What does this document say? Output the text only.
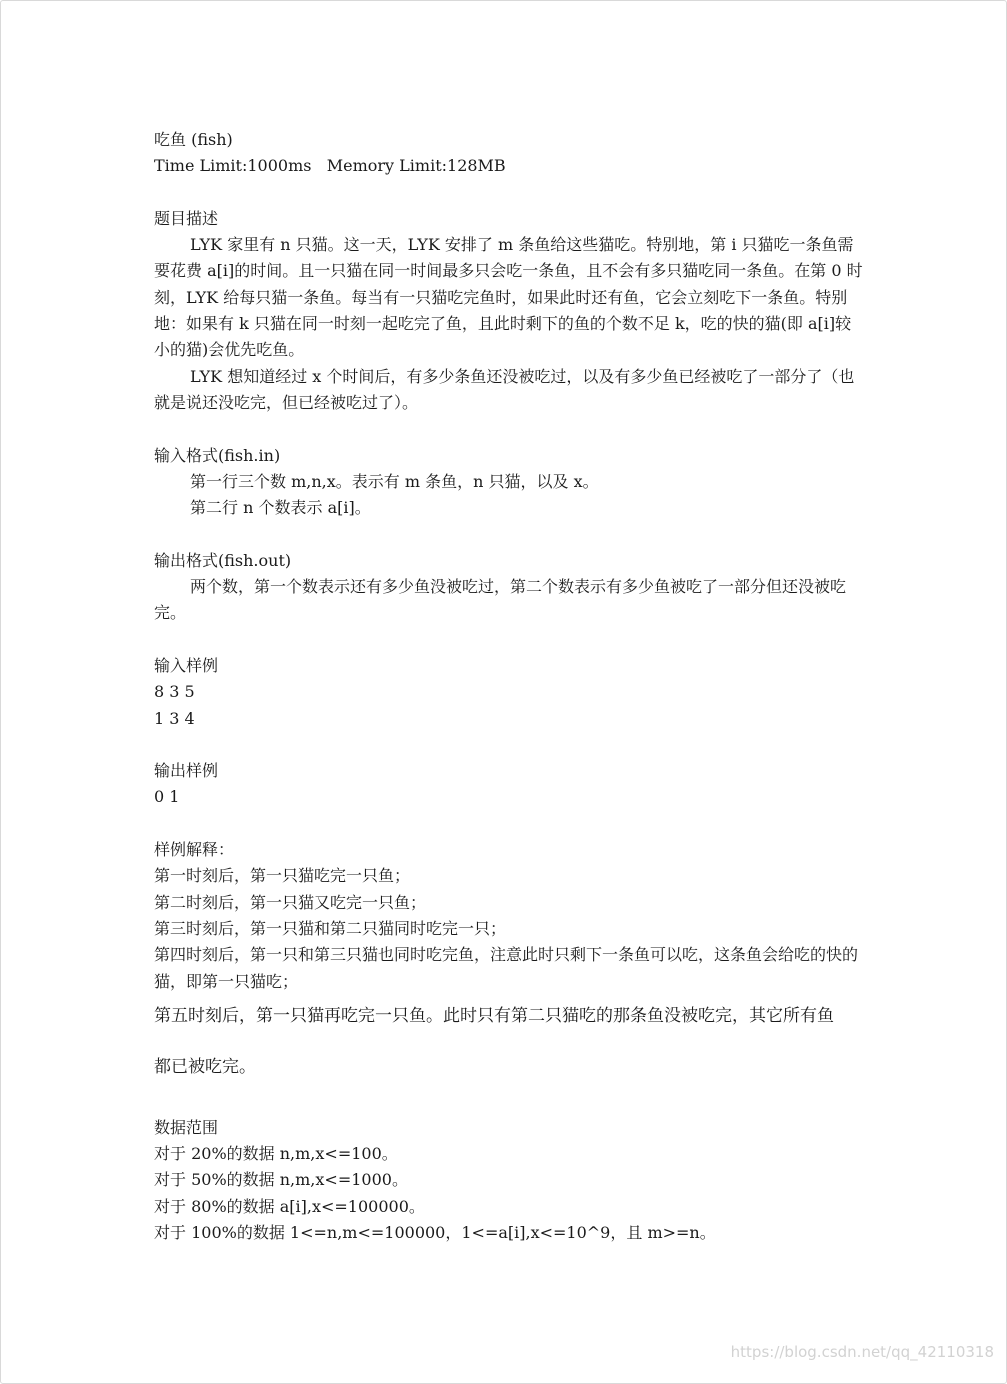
吃鱼 (fish)
Time Limit:1000ms   Memory Limit:128MB
题目描述
LYK 家里有 n 只猫。这一天，LYK 安排了 m 条鱼给这些猫吃。特别地，第 i 只猫吃一条鱼需要花费 a[i]的时间。且一只猫在同一时间最多只会吃一条鱼，且不会有多只猫吃同一条鱼。在第 0 时刻，LYK 给每只猫一条鱼。每当有一只猫吃完鱼时，如果此时还有鱼，它会立刻吃下一条鱼。特别地：如果有 k 只猫在同一时刻一起吃完了鱼，且此时剩下的鱼的个数不足 k，吃的快的猫(即 a[i]较小的猫)会优先吃鱼。
LYK 想知道经过 x 个时间后，有多少条鱼还没被吃过，以及有多少鱼已经被吃了一部分了（也就是说还没吃完，但已经被吃过了）。
输入格式(fish.in)
第一行三个数 m,n,x。表示有 m 条鱼，n 只猫，以及 x。
第二行 n 个数表示 a[i]。
输出格式(fish.out)
两个数，第一个数表示还有多少鱼没被吃过，第二个数表示有多少鱼被吃了一部分但还没被吃完。
输入样例
8 3 5
1 3 4
输出样例
0 1
样例解释：
第一时刻后，第一只猫吃完一只鱼；
第二时刻后，第一只猫又吃完一只鱼；
第三时刻后，第一只猫和第二只猫同时吃完一只；
第四时刻后，第一只和第三只猫也同时吃完鱼，注意此时只剩下一条鱼可以吃，这条鱼会给吃的快的猫，即第一只猫吃；
第五时刻后，第一只猫再吃完一只鱼。此时只有第二只猫吃的那条鱼没被吃完，其它所有鱼
都已被吃完。
数据范围
对于 20%的数据 n,m,x<=100。
对于 50%的数据 n,m,x<=1000。
对于 80%的数据 a[i],x<=100000。
对于 100%的数据 1<=n,m<=100000，1<=a[i],x<=10^9，且 m>=n。
https://blog.csdn.net/qq_42110318
